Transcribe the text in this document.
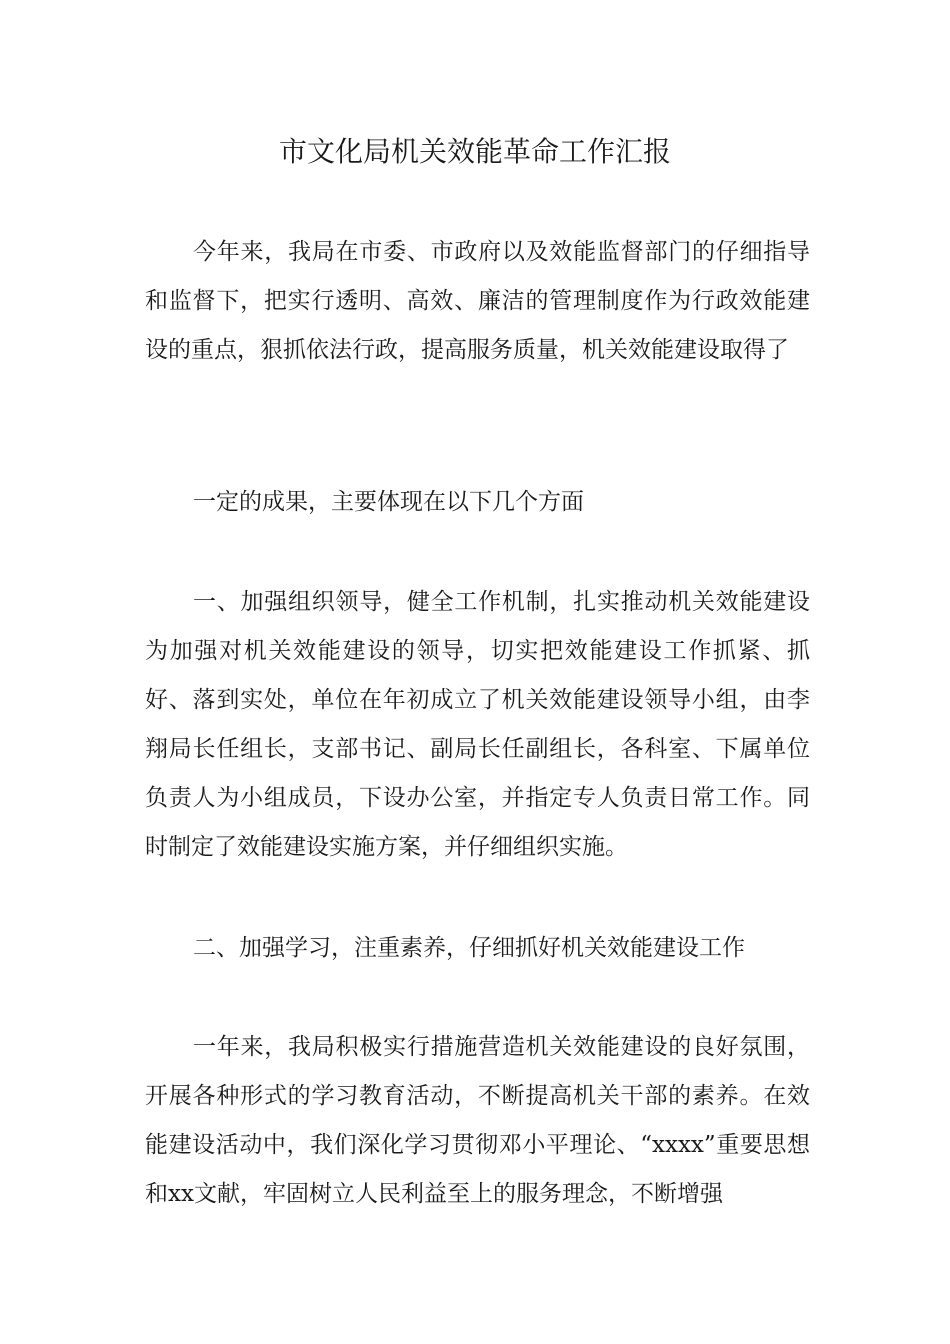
市文化局机关效能革命工作汇报

今年来，我局在市委、市政府以及效能监督部门的仔细指导和监督下，把实行透明、高效、廉洁的管理制度作为行政效能建设的重点，狠抓依法行政，提高服务质量，机关效能建设取得了

一定的成果，主要体现在以下几个方面

一、加强组织领导，健全工作机制，扎实推动机关效能建设为加强对机关效能建设的领导，切实把效能建设工作抓紧、抓好、落到实处，单位在年初成立了机关效能建设领导小组，由李翔局长任组长，支部书记、副局长任副组长，各科室、下属单位负责人为小组成员，下设办公室，并指定专人负责日常工作。同时制定了效能建设实施方案，并仔细组织实施。

二、加强学习，注重素养，仔细抓好机关效能建设工作

一年来，我局积极实行措施营造机关效能建设的良好氛围，开展各种形式的学习教育活动，不断提高机关干部的素养。在效能建设活动中，我们深化学习贯彻邓小平理论、“xxxx”重要思想和xx文献，牢固树立人民利益至上的服务理念，不断增强
